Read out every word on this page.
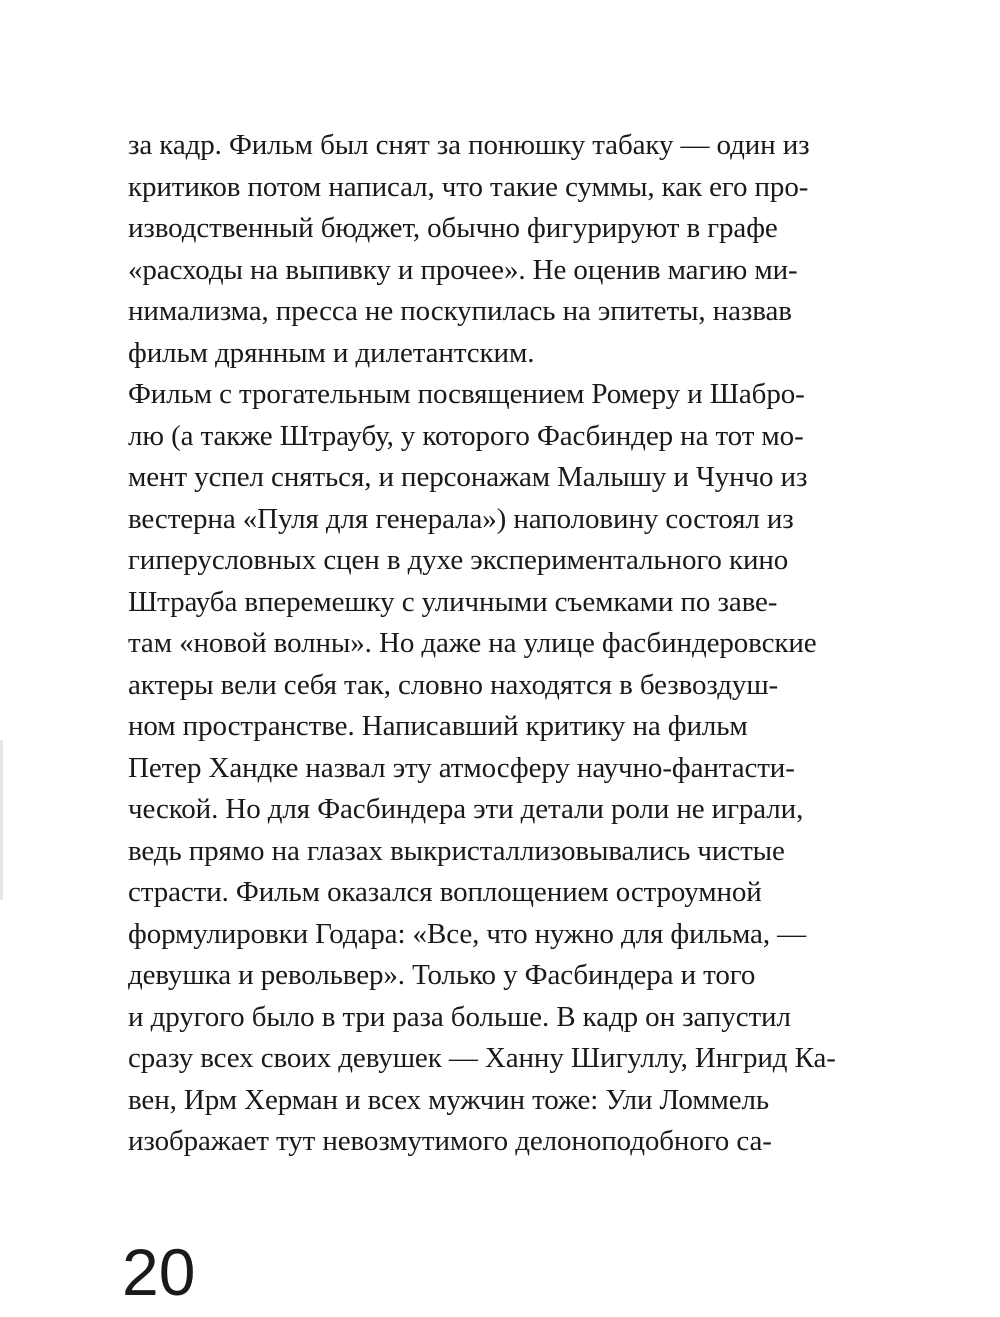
за кадр. Фильм был снят за понюшку табаку — один из
критиков потом написал, что такие суммы, как его про-
изводственный бюджет, обычно фигурируют в графе
«расходы на выпивку и прочее». Не оценив магию ми-
нимализма, пресса не поскупилась на эпитеты, назвав
фильм дрянным и дилетантским.
Фильм с трогательным посвящением Ромеру и Шабро-
лю (а также Штраубу, у которого Фасбиндер на тот мо-
мент успел сняться, и персонажам Малышу и Чунчо из
вестерна «Пуля для генерала») наполовину состоял из
гиперусловных сцен в духе экспериментального кино
Штрауба вперемешку с уличными съемками по заве-
там «новой волны». Но даже на улице фасбиндеровские
актеры вели себя так, словно находятся в безвоздуш-
ном пространстве. Написавший критику на фильм
Петер Хандке назвал эту атмосферу научно-фантасти-
ческой. Но для Фасбиндера эти детали роли не играли,
ведь прямо на глазах выкристаллизовывались чистые
страсти. Фильм оказался воплощением остроумной
формулировки Годара: «Все, что нужно для фильма, —
девушка и револьвер». Только у Фасбиндера и того
и другого было в три раза больше. В кадр он запустил
сразу всех своих девушек — Ханну Шигуллу, Ингрид Ка-
вен, Ирм Херман и всех мужчин тоже: Ули Ломмель
изображает тут невозмутимого делоноподобного са-
20
